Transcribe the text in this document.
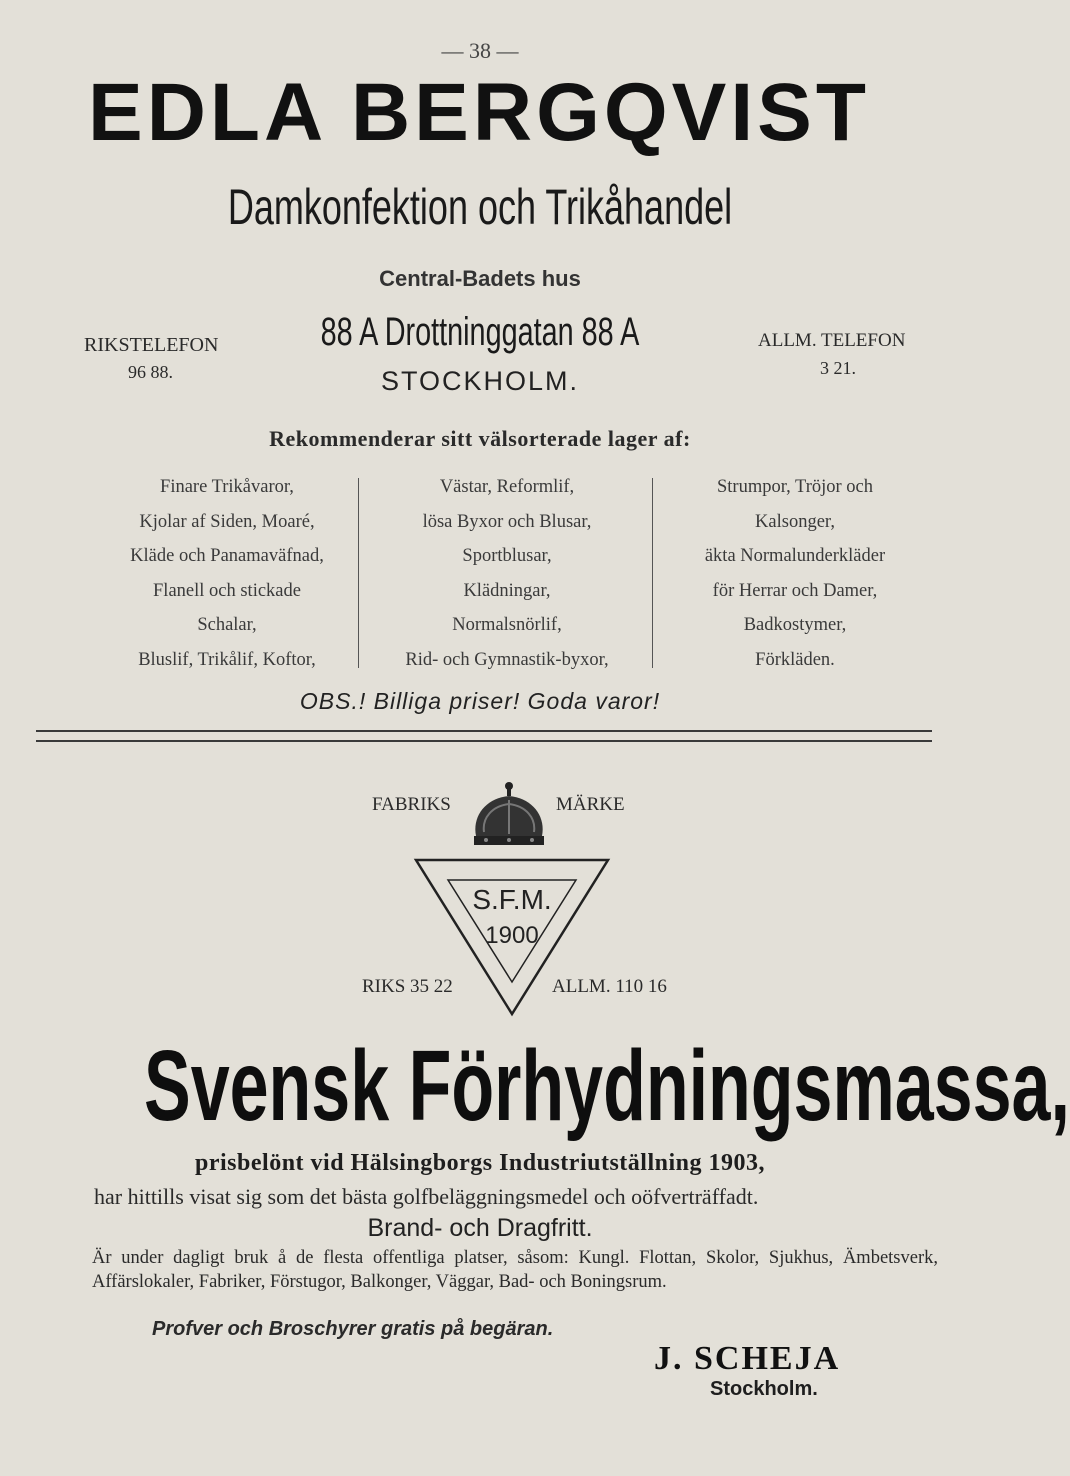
— 38 —
EDLA BERGQVIST
Damkonfektion och Trikåhandel
Central-Badets hus
88 A Drottninggatan 88 A
STOCKHOLM.
RIKSTELEFON
96 88.
ALLM. TELEFON
3 21.
Rekommenderar sitt välsorterade lager af:
Finare Trikåvaror,
Kjolar af Siden, Moaré,
Kläde och Panamaväfnad,
Flanell och stickade
Schalar,
Bluslif, Trikålif, Koftor,
Västar, Reformlif,
lösa Byxor och Blusar,
Sportblusar,
Klädningar,
Normalsnörlif,
Rid- och Gymnastik-byxor,
Strumpor, Tröjor och
Kalsonger,
äkta Normalunderkläder
för Herrar och Damer,
Badkostymer,
Förkläden.
OBS.! Billiga priser! Goda varor!
FABRIKS	MÄRKE
S.F.M.
1900
RIKS 35 22	ALLM. 110 16
Svensk Förhydningsmassa,
prisbelönt vid Hälsingborgs Industriutställning 1903,
har hittills visat sig som det bästa golfbeläggningsmedel och oöfverträffadt.
Brand- och Dragfritt.
Är under dagligt bruk å de flesta offentliga platser, såsom: Kungl. Flottan, Skolor, Sjukhus, Ämbetsverk, Affärslokaler, Fabriker, Förstugor, Balkonger, Väggar, Bad- och Boningsrum.
Profver och Broschyrer gratis på begäran.
J. SCHEJA
Stockholm.
